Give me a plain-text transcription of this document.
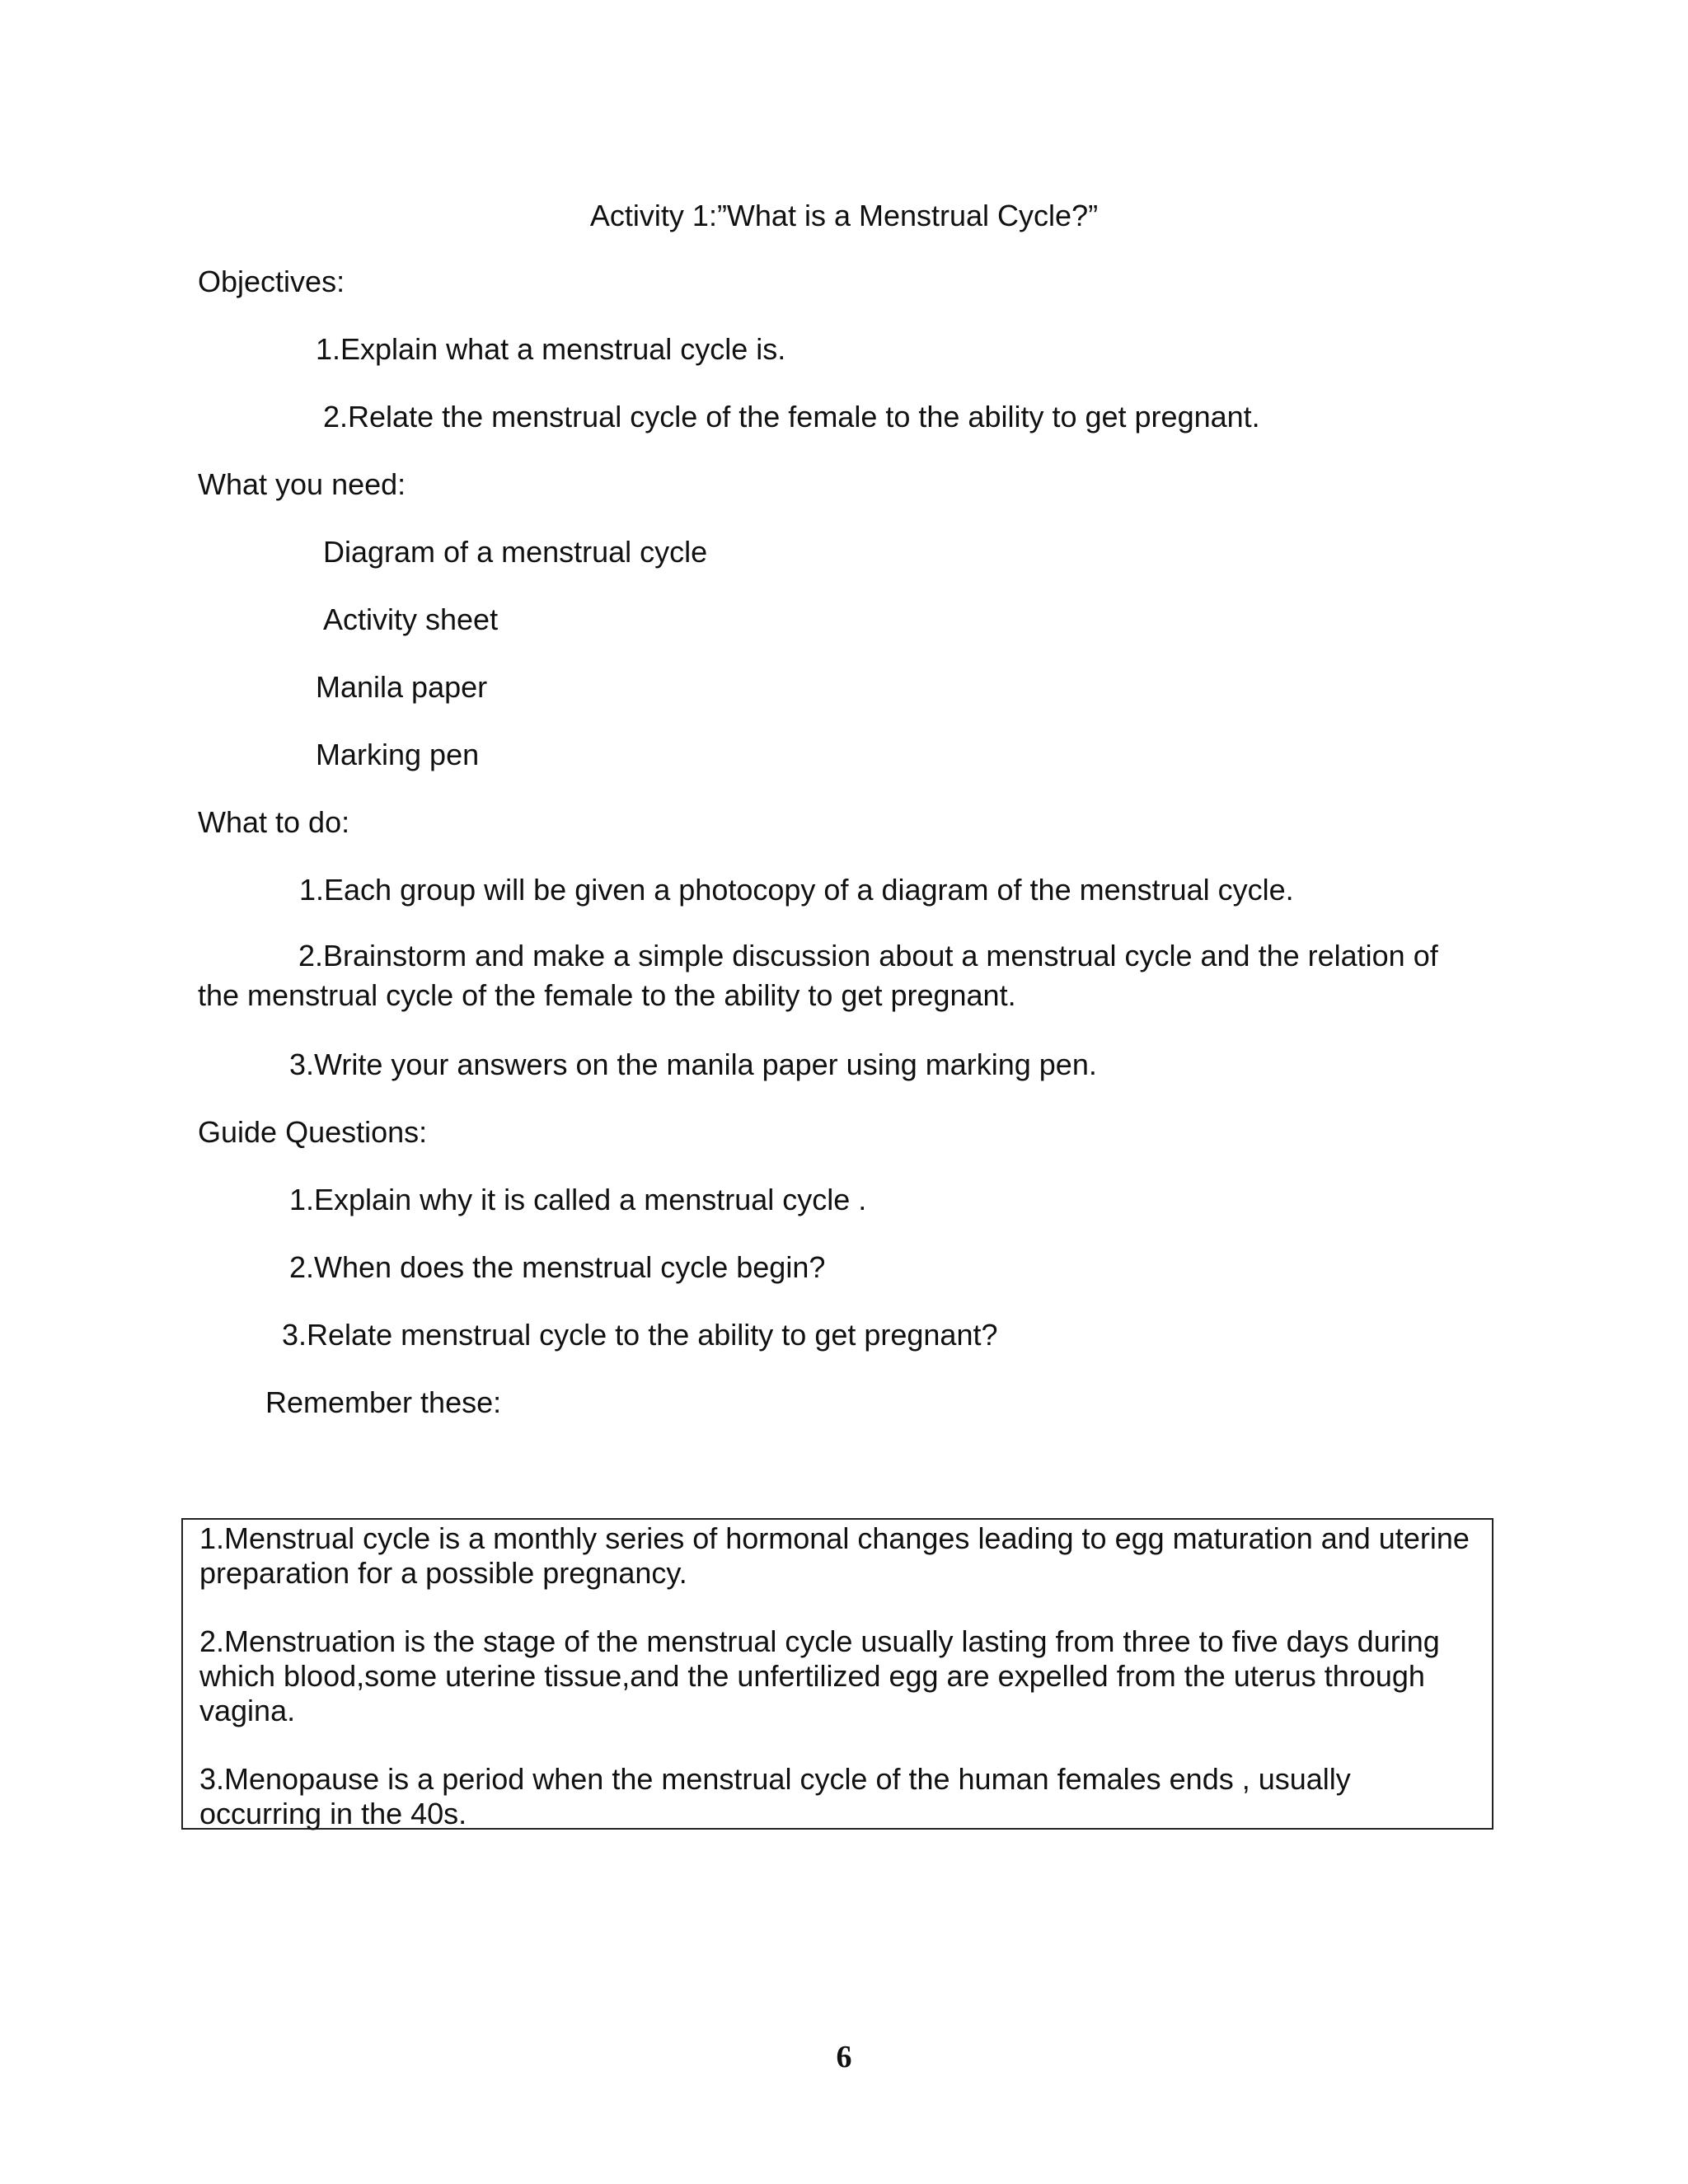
Activity 1:”What is a Menstrual Cycle?”
Objectives:
1.Explain what a menstrual cycle is.
2.Relate the menstrual cycle of the female to the ability to get pregnant.
What you need:
Diagram of a menstrual cycle
Activity sheet
Manila paper
Marking pen
What to do:
1.Each group will be given a photocopy of a diagram of the menstrual cycle.
2.Brainstorm and make a simple discussion about a menstrual cycle and the relation of the menstrual cycle of the female to the ability to get pregnant.
3.Write your answers on the manila paper using marking pen.
Guide Questions:
1.Explain why it is called a menstrual cycle .
2.When does the menstrual cycle begin?
3.Relate menstrual cycle to the ability to get pregnant?
Remember these:

1.Menstrual cycle is a monthly series of hormonal changes leading to egg maturation and uterine preparation for a possible pregnancy.

2.Menstruation is the stage of the menstrual cycle usually lasting from three to five days during which blood,some uterine tissue,and the unfertilized egg are expelled from the uterus through vagina.

3.Menopause is a period when the menstrual cycle of the human females ends , usually occurring in the 40s.

6
